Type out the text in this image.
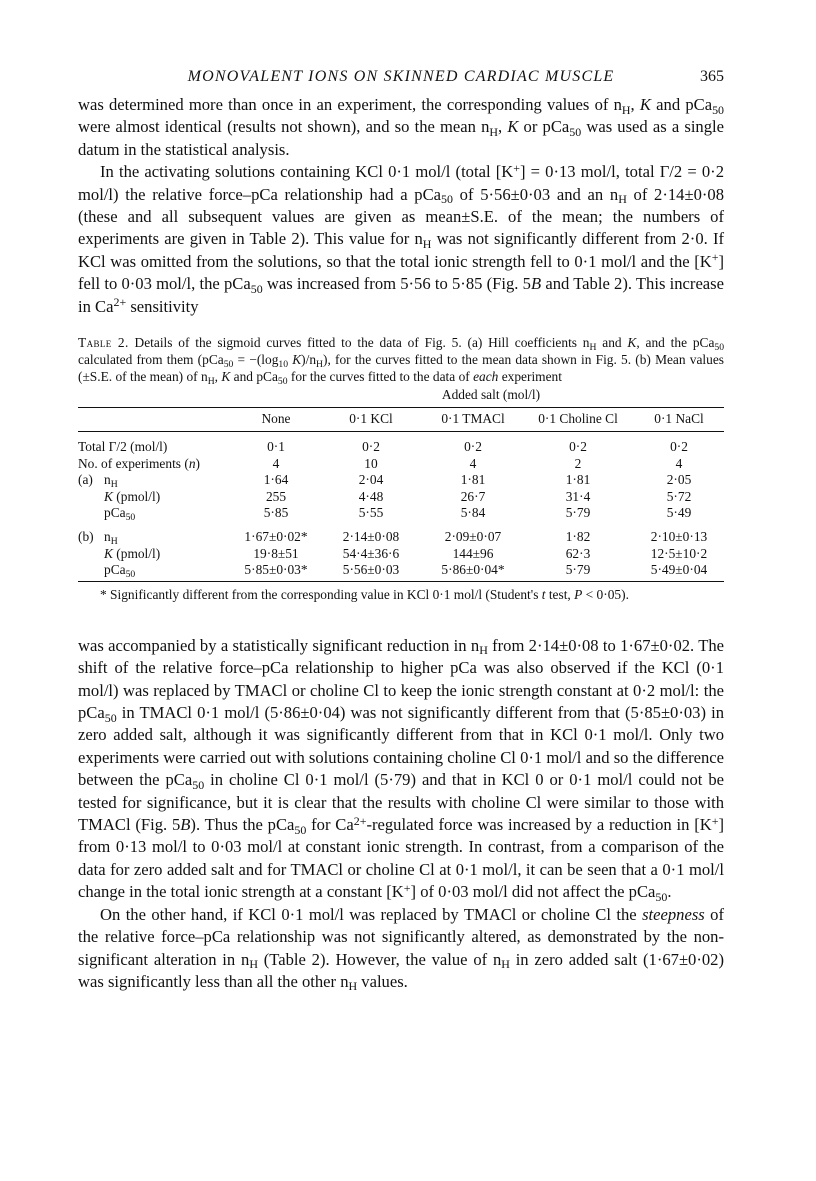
MONOVALENT IONS ON SKINNED CARDIAC MUSCLE	365

was determined more than once in an experiment, the corresponding values of $n_H$, K and pCa$_{50}$ were almost identical (results not shown), and so the mean $n_H$, K or pCa$_{50}$ was used as a single datum in the statistical analysis.

In the activating solutions containing KCl 0·1 mol/l (total [K+] = 0·13 mol/l, total Γ/2 = 0·2 mol/l) the relative force–pCa relationship had a pCa$_{50}$ of 5·56±0·03 and an $n_H$ of 2·14±0·08 (these and all subsequent values are given as mean±S.E. of the mean; the numbers of experiments are given in Table 2). This value for $n_H$ was not significantly different from 2·0. If KCl was omitted from the solutions, so that the total ionic strength fell to 0·1 mol/l and the [K+] fell to 0·03 mol/l, the pCa$_{50}$ was increased from 5·56 to 5·85 (Fig. 5B and Table 2). This increase in $Ca^{2+}$ sensitivity

Table 2. Details of the sigmoid curves fitted to the data of Fig. 5. (a) Hill coefficients $n_H$ and K, and the pCa$_{50}$ calculated from them ($pCa_{50} = -(\log_{10}$ $K)/n_H$), for the curves fitted to the mean data shown in Fig. 5. (b) Mean values (±S.E. of the mean) of $n_H$, K and pCa$_{50}$ for the curves fitted to the data of each experiment

Added salt (mol/l)
		None	0·1 KCl	0·1 TMACl	0·1 Choline Cl	0·1 NaCl

Total Γ/2 (mol/l)		0·1	0·2	0·2	0·2	0·2
No. of experiments (n)		4	10	4	2	4
(a)	$n_H$	1·64	2·04	1·81	1·81	2·05
	K (pmol/l)	255	4·48	26·7	31·4	5·72
	pCa$_{50}$	5·85	5·55	5·84	5·79	5·49

(b)	$n_H$	1·67±0·02*	2·14±0·08	2·09±0·07	1·82	2·10±0·13
	K (pmol/l)	19·8±51	54·4±36·6	144±96	62·3	12·5±10·2
	pCa$_{50}$	5·85±0·03*	5·56±0·03	5·86±0·04*	5·79	5·49±0·04

* Significantly different from the corresponding value in KCl 0·1 mol/l (Student's t test, P < 0·05).

was accompanied by a statistically significant reduction in $n_H$ from 2·14±0·08 to 1·67±0·02. The shift of the relative force–pCa relationship to higher pCa was also observed if the KCl (0·1 mol/l) was replaced by TMACl or choline Cl to keep the ionic strength constant at 0·2 mol/l: the pCa$_{50}$ in TMACl 0·1 mol/l (5·86±0·04) was not significantly different from that (5·85±0·03) in zero added salt, although it was significantly different from that in KCl 0·1 mol/l. Only two experiments were carried out with solutions containing choline Cl 0·1 mol/l and so the difference between the pCa$_{50}$ in choline Cl 0·1 mol/l (5·79) and that in KCl 0 or 0·1 mol/l could not be tested for significance, but it is clear that the results with choline Cl were similar to those with TMACl (Fig. 5B). Thus the pCa$_{50}$ for $Ca^{2+}$-regulated force was increased by a reduction in [K+] from 0·13 mol/l to 0·03 mol/l at constant ionic strength. In contrast, from a comparison of the data for zero added salt and for TMACl or choline Cl at 0·1 mol/l, it can be seen that a 0·1 mol/l change in the total ionic strength at a constant [K+] of 0·03 mol/l did not affect the pCa$_{50}$.

On the other hand, if KCl 0·1 mol/l was replaced by TMACl or choline Cl the steepness of the relative force–pCa relationship was not significantly altered, as demonstrated by the non-significant alteration in $n_H$ (Table 2). However, the value of $n_H$ in zero added salt (1·67±0·02) was significantly less than all the other $n_H$ values.
